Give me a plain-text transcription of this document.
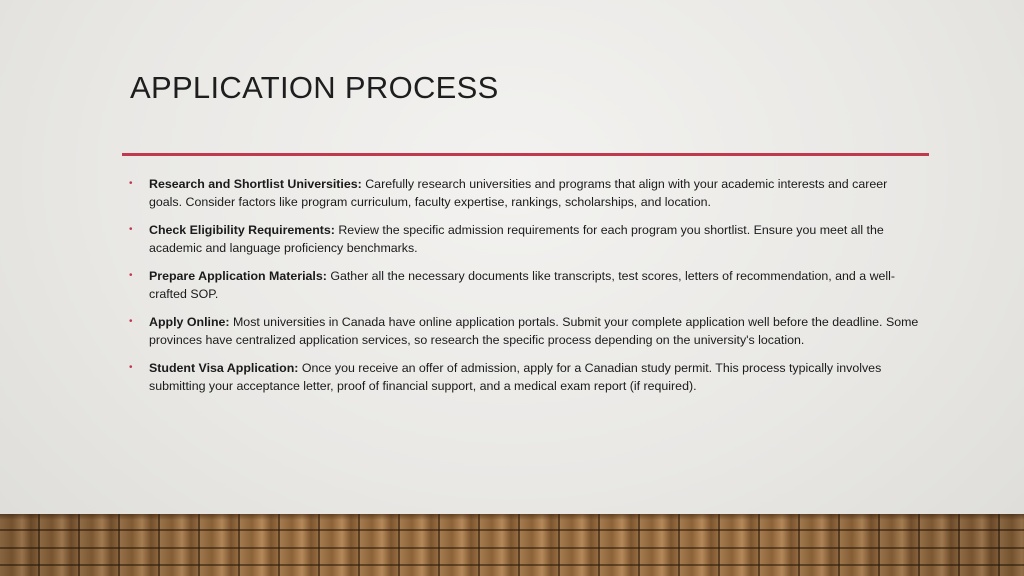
APPLICATION PROCESS
• Research and Shortlist Universities: Carefully research universities and programs that align with your academic interests and career goals. Consider factors like program curriculum, faculty expertise, rankings, scholarships, and location.
• Check Eligibility Requirements: Review the specific admission requirements for each program you shortlist. Ensure you meet all the academic and language proficiency benchmarks.
• Prepare Application Materials: Gather all the necessary documents like transcripts, test scores, letters of recommendation, and a well-crafted SOP.
• Apply Online: Most universities in Canada have online application portals. Submit your complete application well before the deadline. Some provinces have centralized application services, so research the specific process depending on the university's location.
• Student Visa Application: Once you receive an offer of admission, apply for a Canadian study permit. This process typically involves submitting your acceptance letter, proof of financial support, and a medical exam report (if required).
